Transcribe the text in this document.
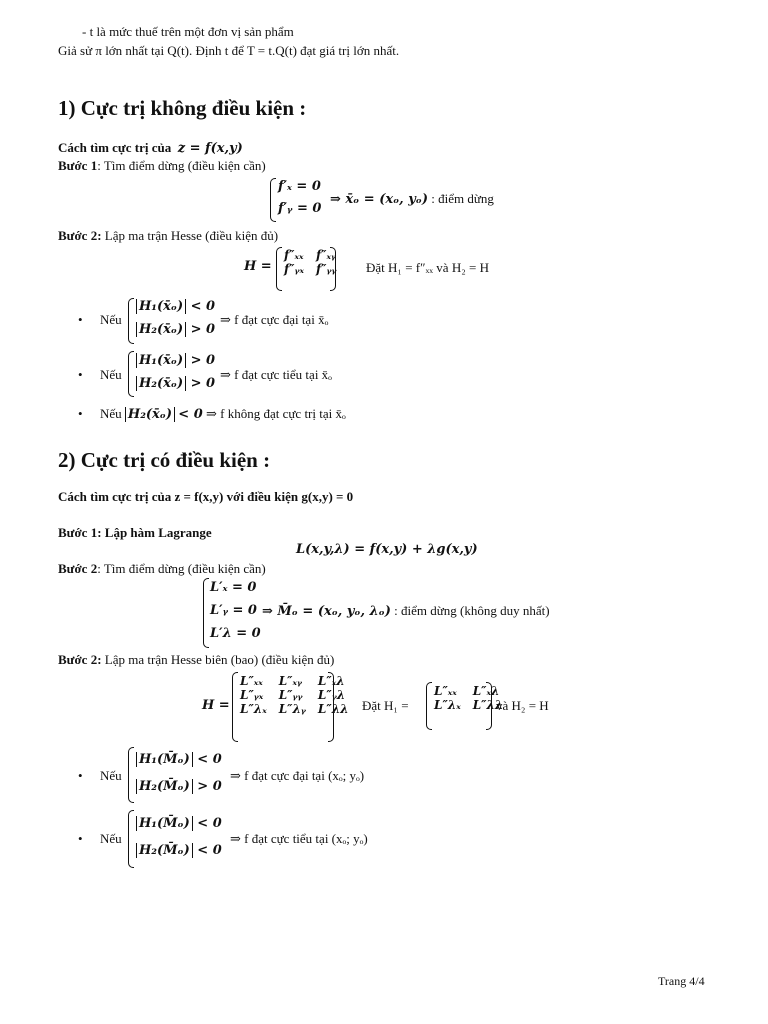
- t là mức thuế trên một đơn vị sản phẩm
Giả sử π lớn nhất tại Q(t). Định t để T = t.Q(t) đạt giá trị lớn nhất.
1) Cực trị không điều kiện :
Cách tìm cực trị của z = f(x,y)
Bước 1: Tìm điểm dừng (điều kiện cần)
f′ₓ = 0
f′ᵧ = 0
⇒ x̄ₒ = (xₒ, yₒ) : điểm dừng
Bước 2: Lập ma trận Hesse (điều kiện đủ)
H =
f″ₓₓ	f″ₓᵧ
f″ᵧₓ	f″ᵧᵧ Đặt H₁ = f″ₓₓ và H₂ = H
• Nếu
H₁(x̄ₒ) < 0
H₂(x̄ₒ) > 0
⇒ f đạt cực đại tại x̄ₒ
• Nếu
H₁(x̄ₒ) > 0
H₂(x̄ₒ) > 0
⇒ f đạt cực tiểu tại x̄ₒ
• Nếu H₂(x̄ₒ) < 0 ⇒ f không đạt cực trị tại x̄ₒ
2) Cực trị có điều kiện :
Cách tìm cực trị của z = f(x,y) với điều kiện g(x,y) = 0
Bước 1: Lập hàm Lagrange
L(x,y,λ) = f(x,y) + λg(x,y)
Bước 2: Tìm điểm dừng (điều kiện cần)
L′ₓ = 0
L′ᵧ = 0
L′λ = 0
⇒ M̄ₒ = (xₒ, yₒ, λₒ) : điểm dừng (không duy nhất)
Bước 2: Lập ma trận Hesse biên (bao) (điều kiện đủ)
H =
L″ₓₓ	L″ₓᵧ	L″ₓλ
L″ᵧₓ	L″ᵧᵧ	L″ᵧλ
L″λₓ	L″λᵧ	L″λλ Đặt H₁ =
L″ₓₓ	L″ₓλ
L″λₓ	L″λλ
và H₂ = H
• Nếu
H₁(M̄ₒ) < 0
H₂(M̄ₒ) > 0
⇒ f đạt cực đại tại (xₒ; yₒ)
• Nếu
H₁(M̄ₒ) < 0
H₂(M̄ₒ) < 0
⇒ f đạt cực tiểu tại (xₒ; yₒ)
Trang 4/4
